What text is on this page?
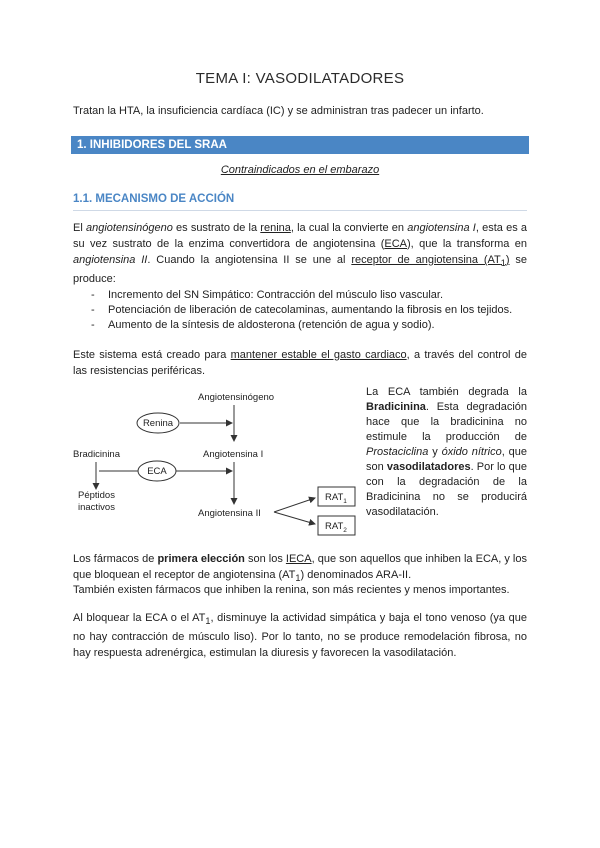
TEMA I: VASODILATADORES
Tratan la HTA, la insuficiencia cardíaca (IC) y se administran tras padecer un infarto.
1. INHIBIDORES DEL SRAA
Contraindicados en el embarazo
1.1. MECANISMO DE ACCIÓN
El angiotensinógeno es sustrato de la renina, la cual la convierte en angiotensina I, esta es a su vez sustrato de la enzima convertidora de angiotensina (ECA), que la transforma en angiotensina II. Cuando la angiotensina II se une al receptor de angiotensina $(AT_1)$ se produce:
- Incremento del SN Simpático: Contracción del músculo liso vascular.
- Potenciación de liberación de catecolaminas, aumentando la fibrosis en los tejidos.
- Aumento de la síntesis de aldosterona (retención de agua y sodio).
Este sistema está creado para mantener estable el gasto cardiaco, a través del control de las resistencias periféricas.
Angiotensinógeno
Renina
Angiotensina I
Bradicinina
ECA
Péptidos
inactivos
Angiotensina II
$RAT_1$
$RAT_2$
La ECA también degrada la Bradicinina. Esta degradación hace que la bradicinina no estimule la producción de Prostaciclina y óxido nítrico, que son vasodilatadores. Por lo que con la degradación de la Bradicinina no se producirá vasodilatación.
Los fármacos de primera elección son los IECA, que son aquellos que inhiben la ECA, y los que bloquean el receptor de angiotensina $(AT_1)$ denominados ARA-II.
También existen fármacos que inhiben la renina, son más recientes y menos importantes.
Al bloquear la ECA o el $AT_1$, disminuye la actividad simpática y baja el tono venoso (ya que no hay contracción de músculo liso). Por lo tanto, no se produce remodelación fibrosa, no hay respuesta adrenérgica, estimulan la diuresis y favorecen la vasodilatación.
